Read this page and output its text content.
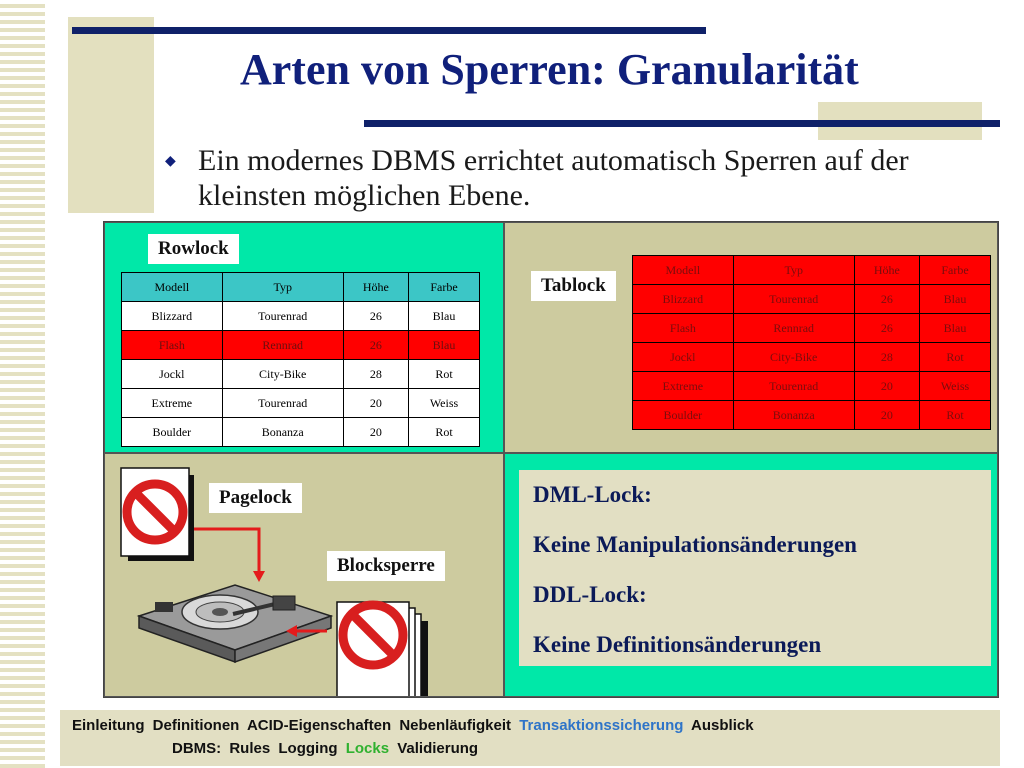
Arten von Sperren: Granularität
◆ Ein modernes DBMS errichtet automatisch Sperren auf der kleinsten möglichen Ebene.

Rowlock
Modell	Typ	Höhe	Farbe
Blizzard	Tourenrad	26	Blau
Flash	Rennrad	26	Blau
Jockl	City-Bike	28	Rot
Extreme	Tourenrad	20	Weiss
Boulder	Bonanza	20	Rot
Tablock
Modell	Typ	Höhe	Farbe
Blizzard	Tourenrad	26	Blau
Flash	Rennrad	26	Blau
Jockl	City-Bike	28	Rot
Extreme	Tourenrad	20	Weiss
Boulder	Bonanza	20	Rot
Pagelock
Blocksperre
DML-Lock:
Keine Manipulationsänderungen
DDL-Lock:
Keine Definitionsänderungen
Einleitung Definitionen ACID-Eigenschaften Nebenläufigkeit Transaktionssicherung Ausblick
DBMS: Rules Logging Locks Validierung
